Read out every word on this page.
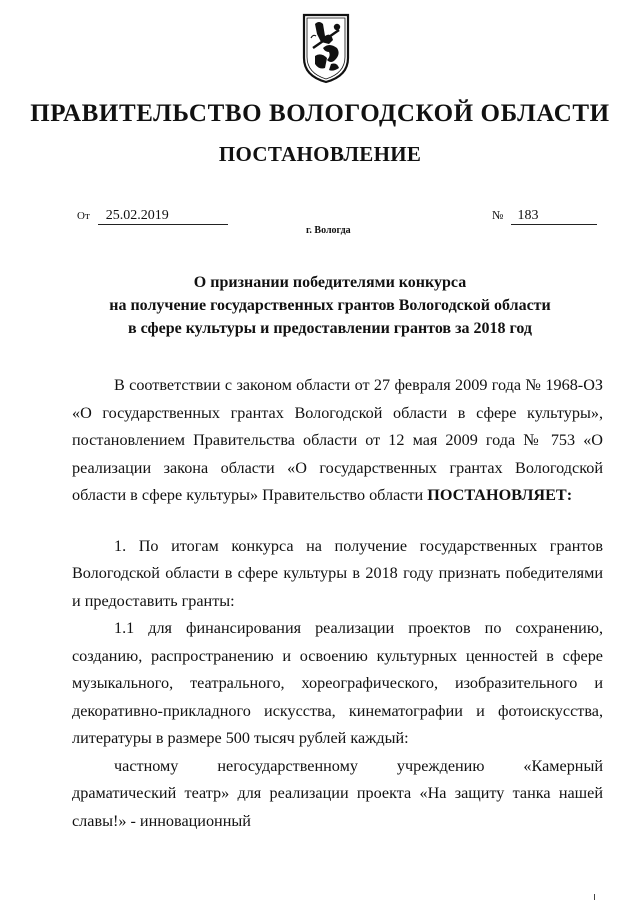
ПРАВИТЕЛЬСТВО ВОЛОГОДСКОЙ ОБЛАСТИ
ПОСТАНОВЛЕНИЕ
От 25.02.2019	№ 183
г. Вологда
О признании победителями конкурса
на получение государственных грантов Вологодской области
в сфере культуры и предоставлении грантов за 2018 год

В соответствии с законом области от 27 февраля 2009 года № 1968-ОЗ «О государственных грантах Вологодской области в сфере культуры», постановлением Правительства области от 12 мая 2009 года № 753 «О реализации закона области «О государственных грантах Вологодской области в сфере культуры» Правительство области ПОСТАНОВЛЯЕТ:

1. По итогам конкурса на получение государственных грантов Вологодской области в сфере культуры в 2018 году признать победителями и предоставить гранты:

1.1 для финансирования реализации проектов по сохранению, созданию, распространению и освоению культурных ценностей в сфере музыкального, театрального, хореографического, изобразительного и декоративно-прикладного искусства, кинематографии и фотоискусства, литературы в размере 500 тысяч рублей каждый:

частному негосударственному учреждению «Камерный драматический театр» для реализации проекта «На защиту танка нашей славы!» - инновационный
